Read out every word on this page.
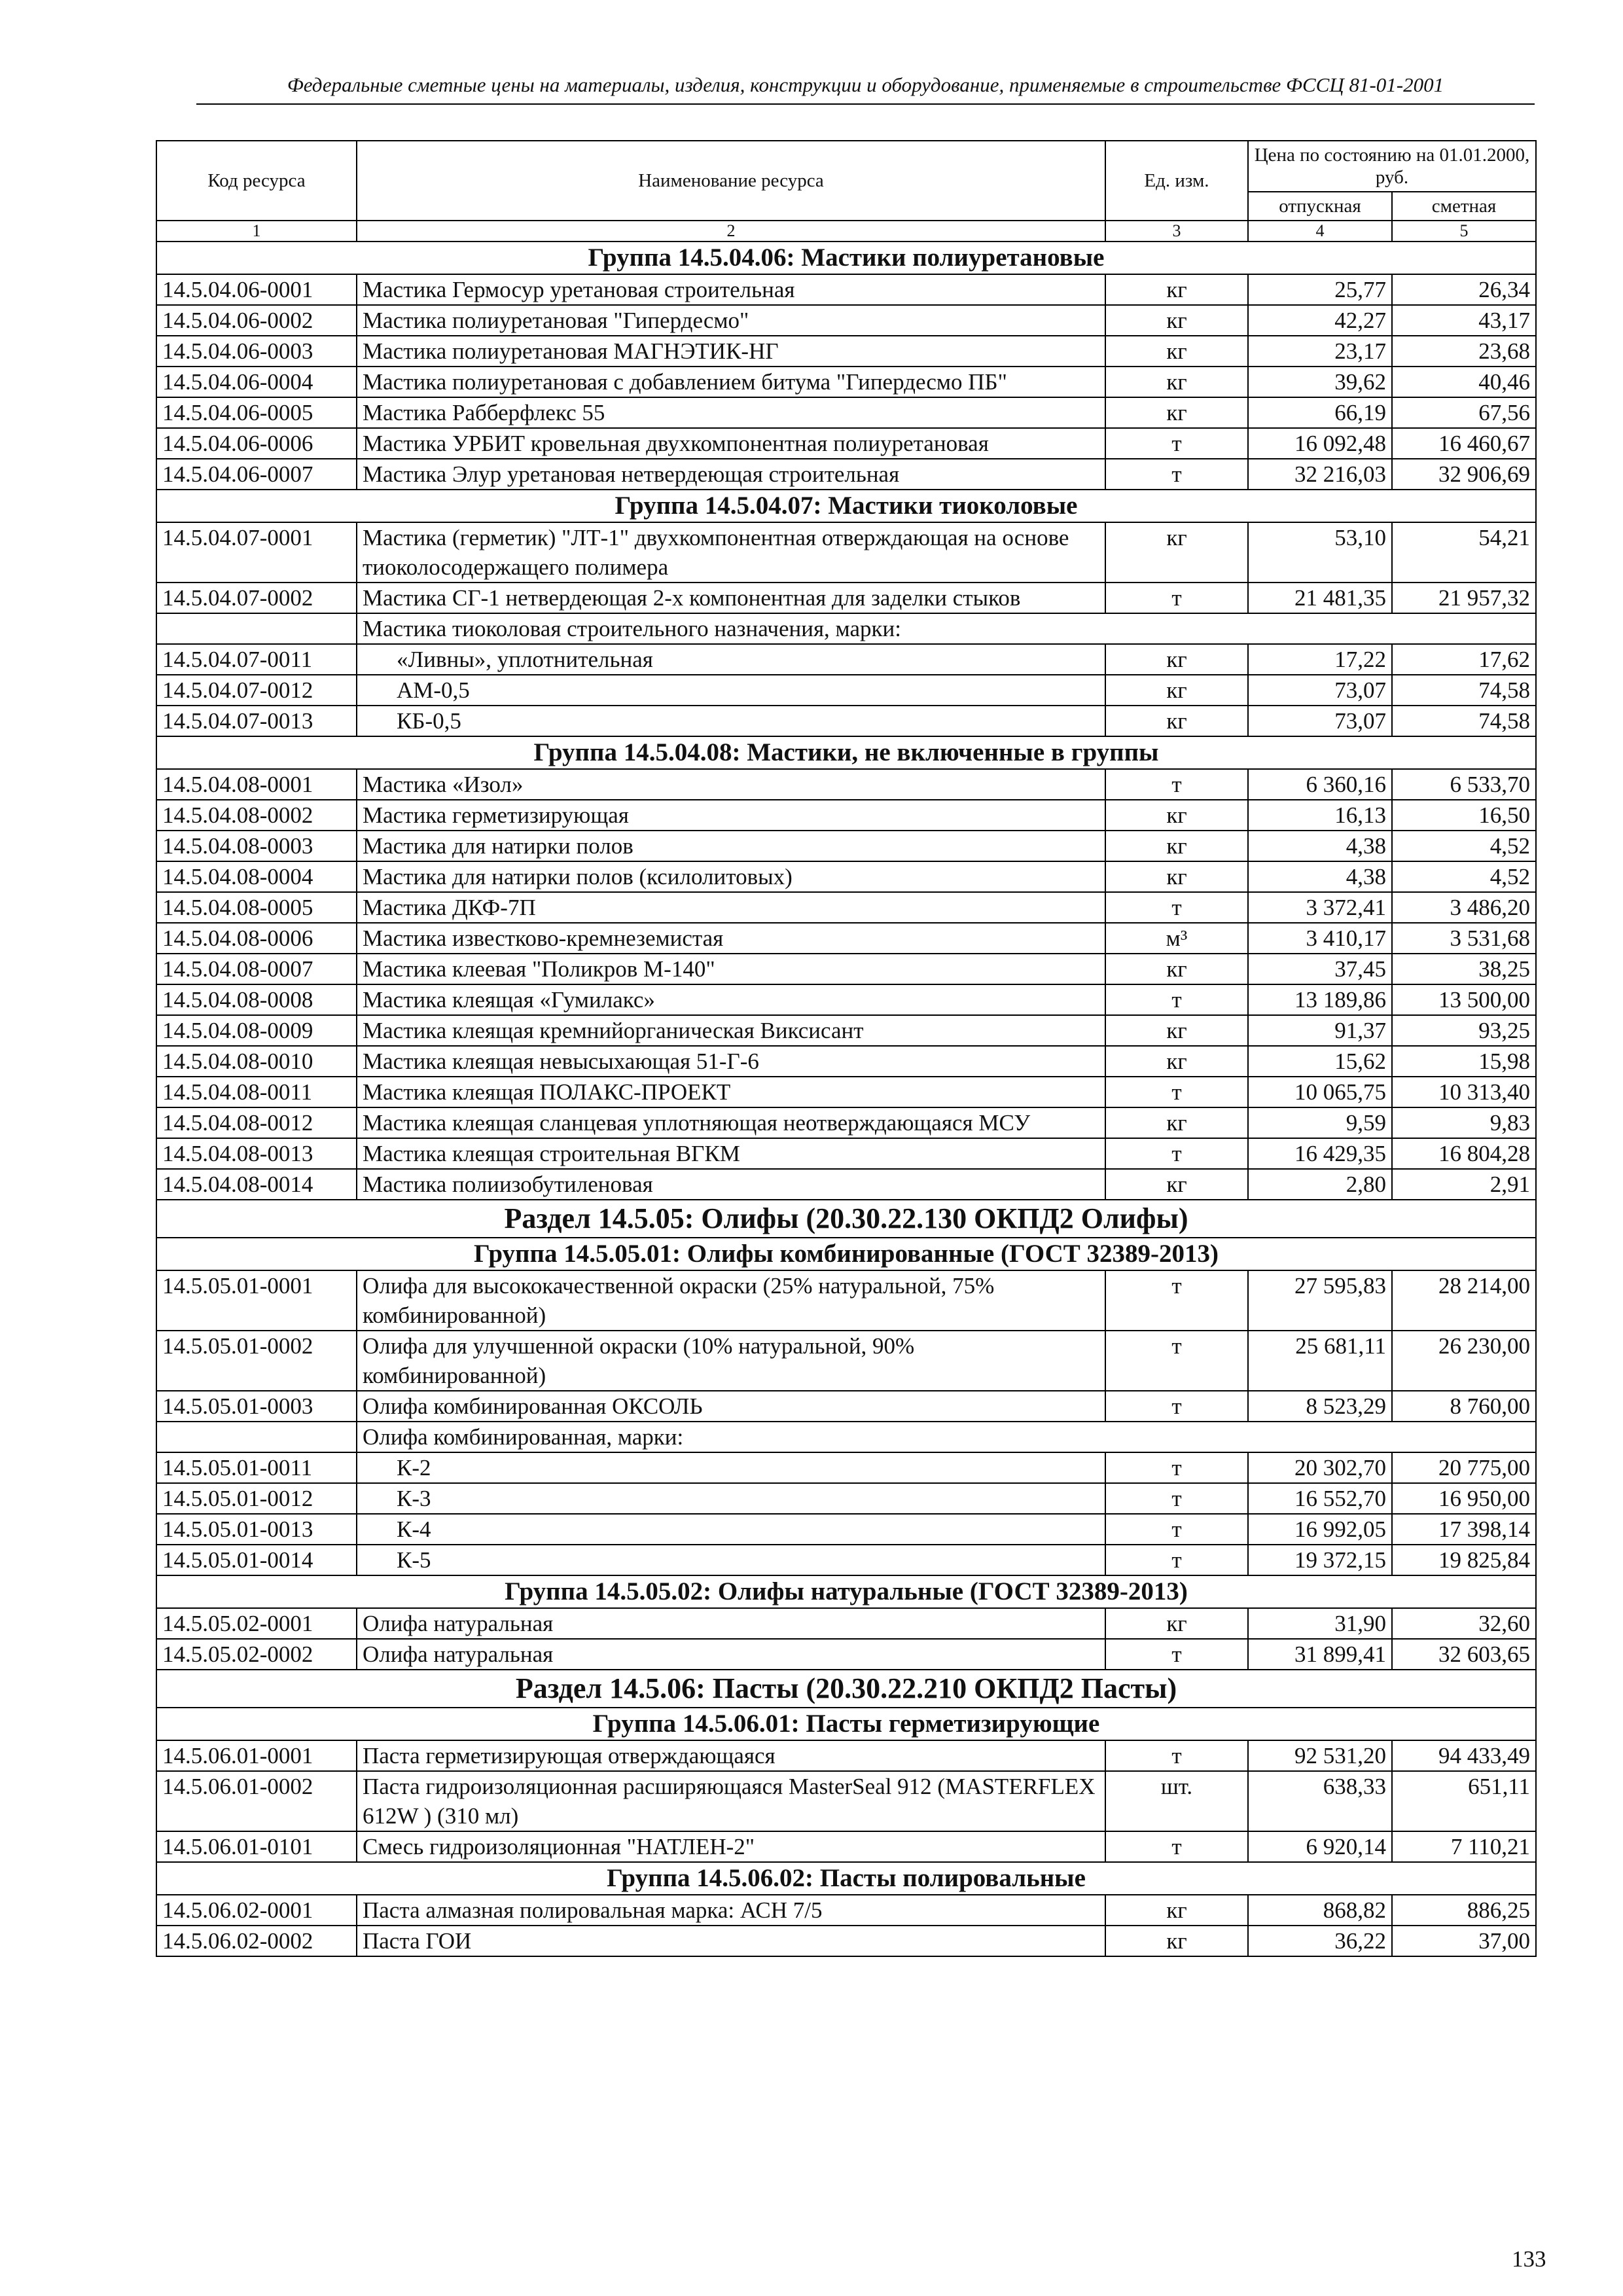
Федеральные сметные цены на материалы, изделия, конструкции и оборудование, применяемые в строительстве ФССЦ 81-01-2001
Код ресурса	Наименование ресурса	Ед. изм.	Цена по состоянию на 01.01.2000, руб.	
			отпускная	сметная
1	2	3	4	5
Группа 14.5.04.06: Мастики полиуретановые				
14.5.04.06-0001	Мастика Гермосур уретановая строительная	кг	25,77	26,34
14.5.04.06-0002	Мастика полиуретановая "Гипердесмо"	кг	42,27	43,17
14.5.04.06-0003	Мастика полиуретановая МАГНЭТИК-НГ	кг	23,17	23,68
14.5.04.06-0004	Мастика полиуретановая с добавлением битума "Гипердесмо ПБ"	кг	39,62	40,46
14.5.04.06-0005	Мастика Рабберфлекс 55	кг	66,19	67,56
14.5.04.06-0006	Мастика УРБИТ кровельная двухкомпонентная полиуретановая	т	16 092,48	16 460,67
14.5.04.06-0007	Мастика Элур уретановая нетвердеющая строительная	т	32 216,03	32 906,69
Группа 14.5.04.07: Мастики тиоколовые				
14.5.04.07-0001	Мастика (герметик) "ЛТ-1" двухкомпонентная отверждающая на основе тиоколосодержащего полимера	кг	53,10	54,21
14.5.04.07-0002	Мастика СГ-1 нетвердеющая 2-х компонентная для заделки стыков	т	21 481,35	21 957,32
	Мастика тиоколовая строительного назначения, марки:			
14.5.04.07-0011	«Ливны», уплотнительная	кг	17,22	17,62
14.5.04.07-0012	АМ-0,5	кг	73,07	74,58
14.5.04.07-0013	КБ-0,5	кг	73,07	74,58
Группа 14.5.04.08: Мастики, не включенные в группы				
14.5.04.08-0001	Мастика «Изол»	т	6 360,16	6 533,70
14.5.04.08-0002	Мастика герметизирующая	кг	16,13	16,50
14.5.04.08-0003	Мастика для натирки полов	кг	4,38	4,52
14.5.04.08-0004	Мастика для натирки полов (ксилолитовых)	кг	4,38	4,52
14.5.04.08-0005	Мастика ДКФ-7П	т	3 372,41	3 486,20
14.5.04.08-0006	Мастика известково-кремнеземистая	м³	3 410,17	3 531,68
14.5.04.08-0007	Мастика клеевая "Поликров М-140"	кг	37,45	38,25
14.5.04.08-0008	Мастика клеящая «Гумилакс»	т	13 189,86	13 500,00
14.5.04.08-0009	Мастика клеящая кремнийорганическая Виксисант	кг	91,37	93,25
14.5.04.08-0010	Мастика клеящая невысыхающая 51-Г-6	кг	15,62	15,98
14.5.04.08-0011	Мастика клеящая ПОЛАКС-ПРОЕКТ	т	10 065,75	10 313,40
14.5.04.08-0012	Мастика клеящая сланцевая уплотняющая неотверждающаяся МСУ	кг	9,59	9,83
14.5.04.08-0013	Мастика клеящая строительная ВГКМ	т	16 429,35	16 804,28
14.5.04.08-0014	Мастика полиизобутиленовая	кг	2,80	2,91
Раздел 14.5.05: Олифы (20.30.22.130 ОКПД2 Олифы)				
Группа 14.5.05.01: Олифы комбинированные (ГОСТ 32389-2013)				
14.5.05.01-0001	Олифа для высококачественной окраски (25% натуральной, 75% комбинированной)	т	27 595,83	28 214,00
14.5.05.01-0002	Олифа для улучшенной окраски (10% натуральной, 90% комбинированной)	т	25 681,11	26 230,00
14.5.05.01-0003	Олифа комбинированная ОКСОЛЬ	т	8 523,29	8 760,00
	Олифа комбинированная, марки:			
14.5.05.01-0011	К-2	т	20 302,70	20 775,00
14.5.05.01-0012	К-3	т	16 552,70	16 950,00
14.5.05.01-0013	К-4	т	16 992,05	17 398,14
14.5.05.01-0014	К-5	т	19 372,15	19 825,84
Группа 14.5.05.02: Олифы натуральные (ГОСТ 32389-2013)				
14.5.05.02-0001	Олифа натуральная	кг	31,90	32,60
14.5.05.02-0002	Олифа натуральная	т	31 899,41	32 603,65
Раздел 14.5.06: Пасты (20.30.22.210 ОКПД2 Пасты)				
Группа 14.5.06.01: Пасты герметизирующие				
14.5.06.01-0001	Паста герметизирующая отверждающаяся	т	92 531,20	94 433,49
14.5.06.01-0002	Паста гидроизоляционная расширяющаяся MasterSeal 912 (MASTERFLEX 612W ) (310 мл)	шт.	638,33	651,11
14.5.06.01-0101	Смесь гидроизоляционная "НАТЛЕН-2"	т	6 920,14	7 110,21
Группа 14.5.06.02: Пасты полировальные				
14.5.06.02-0001	Паста алмазная полировальная марка: АСН 7/5	кг	868,82	886,25
14.5.06.02-0002	Паста ГОИ	кг	36,22	37,00
133
